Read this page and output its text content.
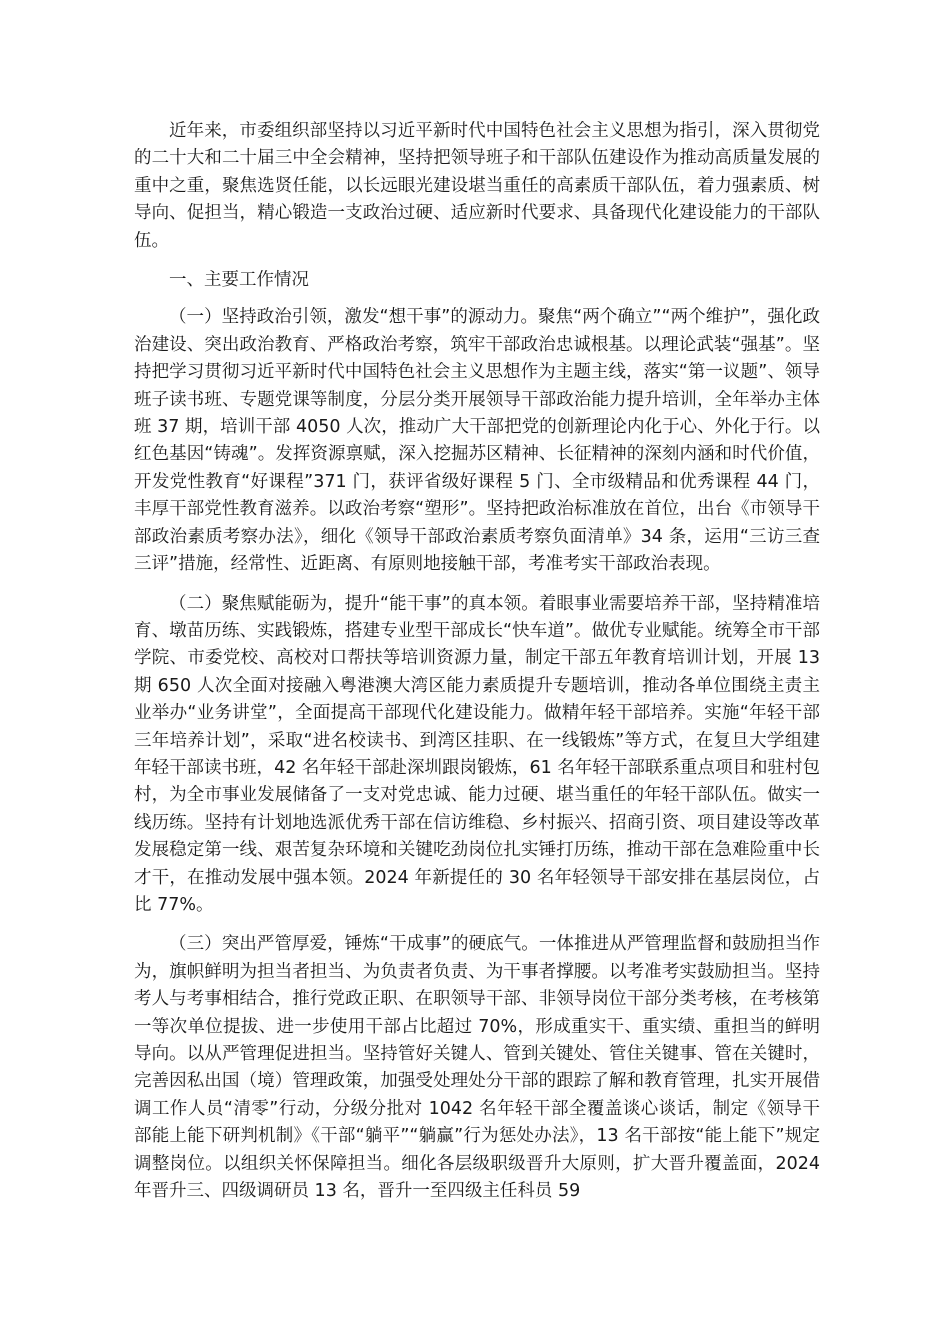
近年来，市委组织部坚持以习近平新时代中国特色社会主义思想为指引，深入贯彻党的二十大和二十届三中全会精神，坚持把领导班子和干部队伍建设作为推动高质量发展的重中之重，聚焦选贤任能，以长远眼光建设堪当重任的高素质干部队伍，着力强素质、树导向、促担当，精心锻造一支政治过硬、适应新时代要求、具备现代化建设能力的干部队伍。

一、主要工作情况

（一）坚持政治引领，激发“想干事”的源动力。聚焦“两个确立”“两个维护”，强化政治建设、突出政治教育、严格政治考察，筑牢干部政治忠诚根基。以理论武装“强基”。坚持把学习贯彻习近平新时代中国特色社会主义思想作为主题主线，落实“第一议题”、领导班子读书班、专题党课等制度，分层分类开展领导干部政治能力提升培训，全年举办主体班 37 期，培训干部 4050 人次，推动广大干部把党的创新理论内化于心、外化于行。以红色基因“铸魂”。发挥资源禀赋，深入挖掘苏区精神、长征精神的深刻内涵和时代价值，开发党性教育“好课程”371 门，获评省级好课程 5 门、全市级精品和优秀课程 44 门，丰厚干部党性教育滋养。以政治考察“塑形”。坚持把政治标准放在首位，出台《市领导干部政治素质考察办法》，细化《领导干部政治素质考察负面清单》34 条，运用“三访三查三评”措施，经常性、近距离、有原则地接触干部，考准考实干部政治表现。

（二）聚焦赋能砺为，提升“能干事”的真本领。着眼事业需要培养干部，坚持精准培育、墩苗历练、实践锻炼，搭建专业型干部成长“快车道”。做优专业赋能。统筹全市干部学院、市委党校、高校对口帮扶等培训资源力量，制定干部五年教育培训计划，开展 13 期 650 人次全面对接融入粤港澳大湾区能力素质提升专题培训，推动各单位围绕主责主业举办“业务讲堂”，全面提高干部现代化建设能力。做精年轻干部培养。实施“年轻干部三年培养计划”，采取“进名校读书、到湾区挂职、在一线锻炼”等方式，在复旦大学组建年轻干部读书班，42 名年轻干部赴深圳跟岗锻炼，61 名年轻干部联系重点项目和驻村包村，为全市事业发展储备了一支对党忠诚、能力过硬、堪当重任的年轻干部队伍。做实一线历练。坚持有计划地选派优秀干部在信访维稳、乡村振兴、招商引资、项目建设等改革发展稳定第一线、艰苦复杂环境和关键吃劲岗位扎实锤打历练，推动干部在急难险重中长才干，在推动发展中强本领。2024 年新提任的 30 名年轻领导干部安排在基层岗位，占比 77%。

（三）突出严管厚爱，锤炼“干成事”的硬底气。一体推进从严管理监督和鼓励担当作为，旗帜鲜明为担当者担当、为负责者负责、为干事者撑腰。以考准考实鼓励担当。坚持考人与考事相结合，推行党政正职、在职领导干部、非领导岗位干部分类考核，在考核第一等次单位提拔、进一步使用干部占比超过 70%，形成重实干、重实绩、重担当的鲜明导向。以从严管理促进担当。坚持管好关键人、管到关键处、管住关键事、管在关键时，完善因私出国（境）管理政策，加强受处理处分干部的跟踪了解和教育管理，扎实开展借调工作人员“清零”行动，分级分批对 1042 名年轻干部全覆盖谈心谈话，制定《领导干部能上能下研判机制》《干部“躺平”“躺赢”行为惩处办法》，13 名干部按“能上能下”规定调整岗位。以组织关怀保障担当。细化各层级职级晋升大原则，扩大晋升覆盖面，2024 年晋升三、四级调研员 13 名，晋升一至四级主任科员 59
